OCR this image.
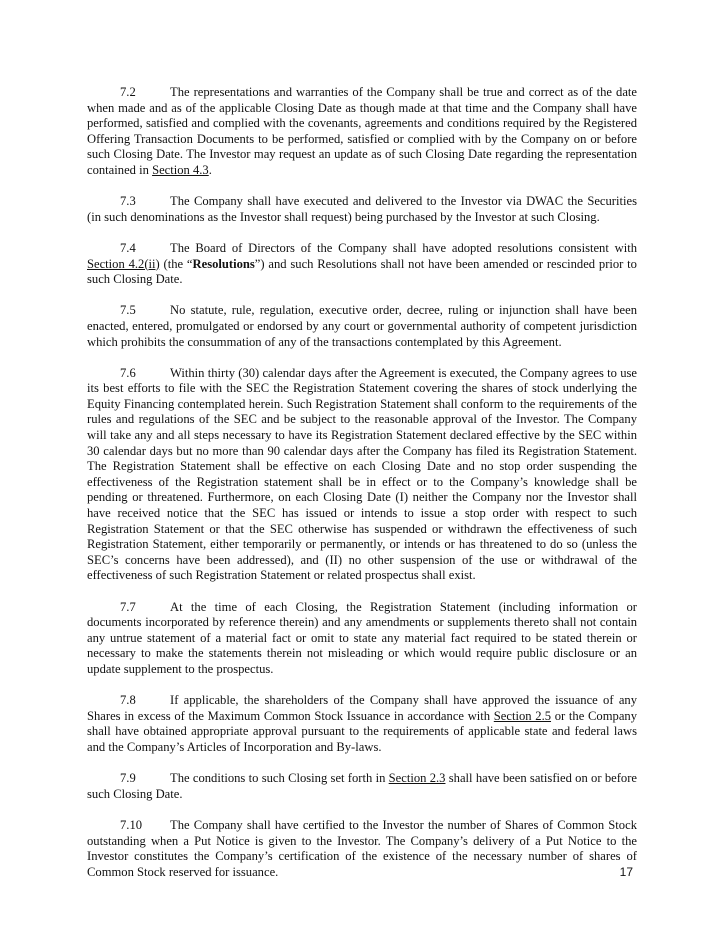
7.2	The representations and warranties of the Company shall be true and correct as of the date when made and as of the applicable Closing Date as though made at that time and the Company shall have performed, satisfied and complied with the covenants, agreements and conditions required by the Registered Offering Transaction Documents to be performed, satisfied or complied with by the Company on or before such Closing Date. The Investor may request an update as of such Closing Date regarding the representation contained in Section 4.3.

7.3	The Company shall have executed and delivered to the Investor via DWAC the Securities (in such denominations as the Investor shall request) being purchased by the Investor at such Closing.

7.4	The Board of Directors of the Company shall have adopted resolutions consistent with Section 4.2(ii) (the “Resolutions”) and such Resolutions shall not have been amended or rescinded prior to such Closing Date.

7.5	No statute, rule, regulation, executive order, decree, ruling or injunction shall have been enacted, entered, promulgated or endorsed by any court or governmental authority of competent jurisdiction which prohibits the consummation of any of the transactions contemplated by this Agreement.

7.6	Within thirty (30) calendar days after the Agreement is executed, the Company agrees to use its best efforts to file with the SEC the Registration Statement covering the shares of stock underlying the Equity Financing contemplated herein. Such Registration Statement shall conform to the requirements of the rules and regulations of the SEC and be subject to the reasonable approval of the Investor. The Company will take any and all steps necessary to have its Registration Statement declared effective by the SEC within 30 calendar days but no more than 90 calendar days after the Company has filed its Registration Statement. The Registration Statement shall be effective on each Closing Date and no stop order suspending the effectiveness of the Registration statement shall be in effect or to the Company’s knowledge shall be pending or threatened. Furthermore, on each Closing Date (I) neither the Company nor the Investor shall have received notice that the SEC has issued or intends to issue a stop order with respect to such Registration Statement or that the SEC otherwise has suspended or withdrawn the effectiveness of such Registration Statement, either temporarily or permanently, or intends or has threatened to do so (unless the SEC’s concerns have been addressed), and (II) no other suspension of the use or withdrawal of the effectiveness of such Registration Statement or related prospectus shall exist.

7.7	At the time of each Closing, the Registration Statement (including information or documents incorporated by reference therein) and any amendments or supplements thereto shall not contain any untrue statement of a material fact or omit to state any material fact required to be stated therein or necessary to make the statements therein not misleading or which would require public disclosure or an update supplement to the prospectus.

7.8	If applicable, the shareholders of the Company shall have approved the issuance of any Shares in excess of the Maximum Common Stock Issuance in accordance with Section 2.5 or the Company shall have obtained appropriate approval pursuant to the requirements of applicable state and federal laws and the Company’s Articles of Incorporation and By-laws.

7.9	The conditions to such Closing set forth in Section 2.3 shall have been satisfied on or before such Closing Date.

7.10 The Company shall have certified to the Investor the number of Shares of Common Stock outstanding when a Put Notice is given to the Investor. The Company’s delivery of a Put Notice to the Investor constitutes the Company’s certification of the existence of the necessary number of shares of Common Stock reserved for issuance.	17
